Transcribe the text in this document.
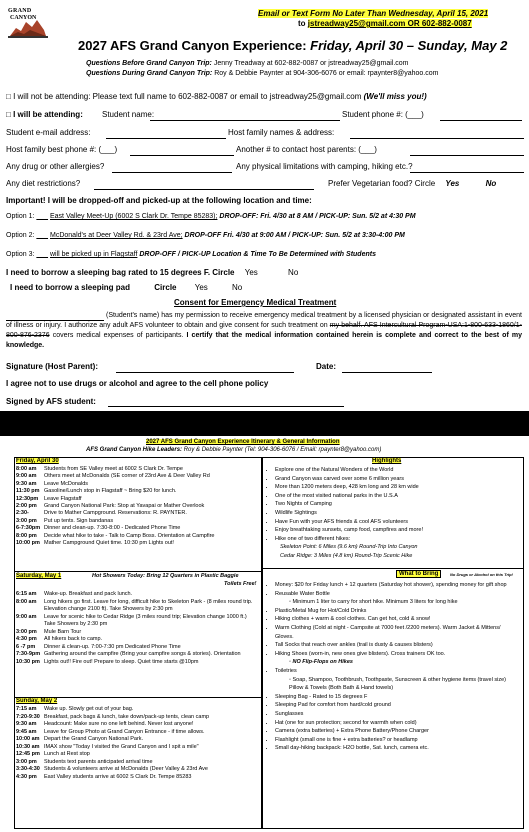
GRAND
CANYON	Email or Text Form No Later Than Wednesday, April 15, 2021
to jstreadway25@gmail.com OR 602-882-0087
2027 AFS Grand Canyon Experience: Friday, April 30 – Sunday, May 2
Questions Before Grand Canyon Trip: Jenny Treadway at 602-882-0087 or jstreadway25@gmail.com
Questions During Grand Canyon Trip: Roy & Debbie Paynter at 904-306-6076 or email: rpaynter8@yahoo.com
□ I will not be attending: Please text full name to 602-882-0087 or email to jstreadway25@gmail.com (We'll miss you!)
□ I will be attending: Student name:	Student phone #: (___)
Student e-mail address:	Host family names & address:
Host family best phone #: (___)	Another # to contact host parents: (___)
Any drug or other allergies?	Any physical limitations with camping, hiking etc.?
Any diet restrictions?	Prefer Vegetarian food? Circle Yes	No
Important! I will be dropped-off and picked-up at the following location and time:
Option 1: East Valley Meet-Up (6002 S Clark Dr. Tempe 85283); DROP-OFF: Fri. 4/30 at 8 AM / PICK-UP: Sun. 5/2 at 4:30 PM
Option 2: McDonald's at Deer Valley Rd. & 23rd Ave; DROP-OFF Fri. 4/30 at 9:00 AM / PICK-UP: Sun. 5/2 at 3:30-4:00 PM
Option 3: will be picked up in Flagstaff DROP-OFF / PICK-UP Location & Time To Be Determined with Students
I need to borrow a sleeping bag rated to 15 degrees F. Circle Yes	No
I need to borrow a sleeping pad	Circle Yes	No
Consent for Emergency Medical Treatment
(Student's name) has my permission to receive emergency medical treatment by a licensed physician or designated assistant in event of illness or injury. I authorize any adult AFS volunteer to obtain and give consent for such treatment on my behalf. AFS Intercultural Program-USA:1-800-633-1860/1-800-876-2376 covers medical expenses of participants. I certify that the medical information contained herein is complete and correct to the best of my knowledge.
Signature (Host Parent):	Date:
I agree not to use drugs or alcohol and agree to the cell phone policy
Signed by AFS student:
2027 AFS Grand Canyon Experience Itinerary & General Information
AFS Grand Canyon Hike Leaders: Roy & Debbie Paynter (Tel: 904-306-6076 / Email: rpaynter8@yahoo.com)
Friday, April 30
8:00 am	Students from SE Valley meet at 6002 S Clark Dr. Tempe
9:00 am	Others meet at McDonalds (SE corner of 23rd Ave & Deer Valley Rd
9:30 am	Leave McDonalds
11:30 pm Gasoline/Lunch stop in Flagstaff ~ Bring $20 for lunch.
12:30pm	Leave Flagstaff
2:00 pm	Grand Canyon National Park: Stop at Yavapai or Mather Overlook
2:30-	Drive to Mather Campground. Reservations: R. PAYNTER.
3:00 pm	Put up tents. Sign bandanas
6-7:30pm Dinner and clean-up. 7:30-8:00 - Dedicated Phone Time
8:00 pm	Decide what hike to take - Talk to Camp Boss. Orientation at Campfire
10:00 pm Mather Campground Quiet time. 10:30 pm Lights out!
Saturday, May 1	Hot Showers Today: Bring 12 Quarters in Plastic Baggie
Toilets Free!
6:15 am	Wake-up. Breakfast and pack lunch.
8:00 am	Long hikers go first. Leave for long, difficult hike to Skeleton Park - (8 miles round trip. Elevation change 2100 ft). Take Showers by 2:30 pm
9:00 am	Leave for scenic hike to Cedar Ridge (3 miles round trip; Elevation change 1000 ft.) Take Showers by 2:30 pm
3:00 pm	Mule Barn Tour
4:30 pm	All hikers back to camp.
6 -7 pm	Dinner & clean-up. 7:00-7:30 pm Dedicated Phone Time
7:30-9pm Gathering around the campfire (Bring your campfire songs & stories). Orientation
10:30 pm Lights out!! Fire out! Prepare to sleep. Quiet time starts @10pm
Sunday, May 2
7:15 am	Wake up. Slowly get out of your bag.
7:20-9:30 Breakfast, pack bags & lunch, take down/pack-up tents, clean camp
9:30 am	Headcount: Make sure no one left behind. Never lost anyone!
9:45 am	Leave for Group Photo at Grand Canyon Entrance - if time allows.
10:00 am Depart the Grand Canyon National Park.
10:30 am IMAX show "Today I visited the Grand Canyon and I spit a mile"
12:45 pm Lunch at Rest stop
3:00 pm	Students text parents anticipated arrival time
3:30-4:30 Students & volunteers arrive at McDonalds (Deer Valley & 23rd Ave
4:30 pm	East Valley students arrive at 6002 S Clark Dr. Tempe 85283
Highlights
• Explore one of the Natural Wonders of the World
• Grand Canyon was carved over some 6 million years
• More than 1200 meters deep, 428 km long and 28 km wide
• One of the most visited national parks in the U.S.A
• Two Nights of Camping
• Wildlife Sightings
• Have Fun with your AFS friends & cool AFS volunteers
• Enjoy breathtaking sunsets, camp food, campfires and more!
• Hike one of two different hikes:
Skeleton Point: 6 Miles (9.6 km) Round-Trip Into Canyon
Cedar Ridge: 3 Miles (4.8 km) Round-Trip Scenic Hike
What to Bring	No Drugs or Alcohol on this Trip!
• Money: $20 for Friday lunch + 12 quarters (Saturday hot shower), spending money for gift shop
• Reusable Water Bottle
◦ Minimum 1 liter to carry for short hike. Minimum 3 liters for long hike
• Plastic/Metal Mug for Hot/Cold Drinks
• Hiking clothes + warm & cool clothes. Can get hot, cold & snow!
• Warm Clothing (Cold at night - Campsite at 7000 feet /2200 meters). Warm Jacket & Mittens/ Gloves.
• Tall Socks that reach over ankles (trail is dusty & causes blisters)
• Hiking Shoes (worn-in, new ones give blisters). Cross trainers OK too.
◦ NO Flip-Flops on Hikes
• Toiletries
◦ Soap, Shampoo, Toothbrush, Toothpaste, Sunscreen & other hygiene items (travel size)
Pillow & Towels (Both Bath & Hand towels)
• Sleeping Bag - Rated to 15 degrees F
• Sleeping Pad for comfort from hard/cold ground
• Sunglasses
• Hat (one for sun protection; second for warmth when cold)
• Camera (extra batteries) + Extra Phone Battery/Phone Charger
• Flashlight (small one is fine + extra batteries? or headlamp
• Small day-hiking backpack: H2O bottle, Sat. lunch, camera etc.
